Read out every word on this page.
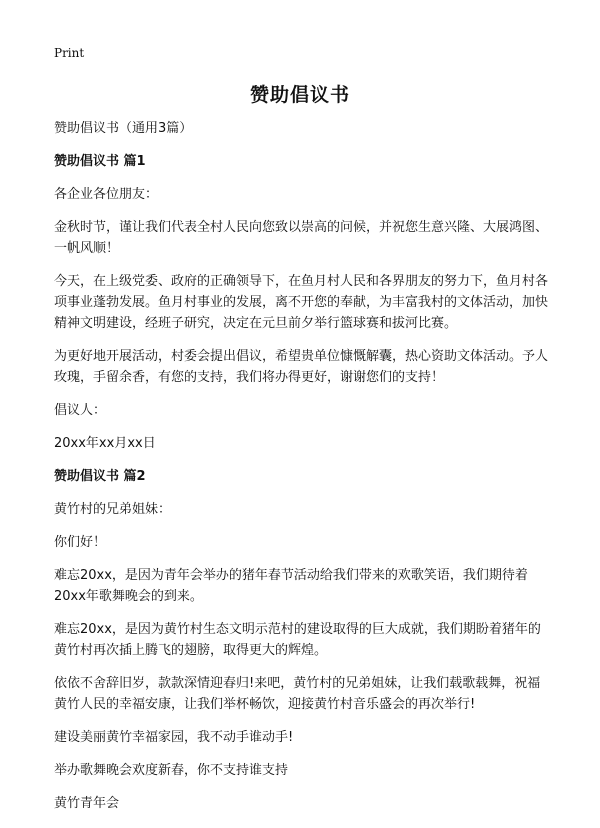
Print
赞助倡议书

赞助倡议书（通用3篇）

赞助倡议书 篇1

各企业各位朋友：

金秋时节，谨让我们代表全村人民向您致以崇高的问候，并祝您生意兴隆、大展鸿图、一帆风顺！

今天，在上级党委、政府的正确领导下，在鱼月村人民和各界朋友的努力下，鱼月村各项事业蓬勃发展。鱼月村事业的发展，离不开您的奉献，为丰富我村的文体活动，加快精神文明建设，经班子研究，决定在元旦前夕举行篮球赛和拔河比赛。

为更好地开展活动，村委会提出倡议，希望贵单位慷慨解囊，热心资助文体活动。予人玫瑰，手留余香，有您的支持，我们将办得更好，谢谢您们的支持！

倡议人：

20xx年xx月xx日

赞助倡议书 篇2

黄竹村的兄弟姐妹：

你们好！

难忘20xx，是因为青年会举办的猪年春节活动给我们带来的欢歌笑语，我们期待着20xx年歌舞晚会的到来。

难忘20xx，是因为黄竹村生态文明示范村的建设取得的巨大成就，我们期盼着猪年的黄竹村再次插上腾飞的翅膀，取得更大的辉煌。

依依不舍辞旧岁，款款深情迎春归!来吧，黄竹村的兄弟姐妹，让我们载歌载舞，祝福黄竹人民的幸福安康，让我们举杯畅饮，迎接黄竹村音乐盛会的再次举行!

建设美丽黄竹幸福家园，我不动手谁动手!

举办歌舞晚会欢度新春，你不支持谁支持

黄竹青年会
